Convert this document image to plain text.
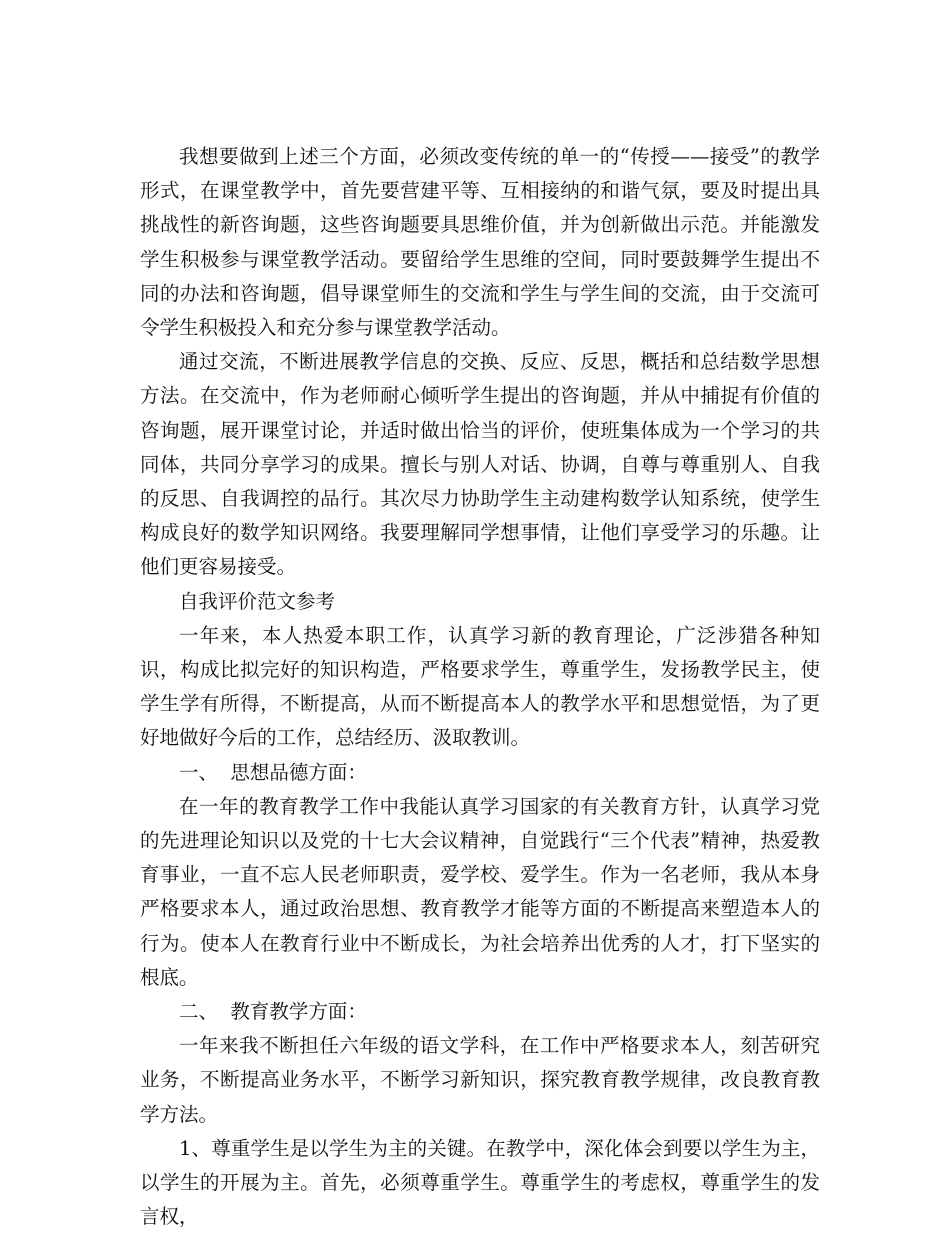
我想要做到上述三个方面，必须改变传统的单一的“传授——接受”的教学形式，在课堂教学中，首先要营建平等、互相接纳的和谐气氛，要及时提出具挑战性的新咨询题，这些咨询题要具思维价值，并为创新做出示范。并能激发学生积极参与课堂教学活动。要留给学生思维的空间，同时要鼓舞学生提出不同的办法和咨询题，倡导课堂师生的交流和学生与学生间的交流，由于交流可令学生积极投入和充分参与课堂教学活动。

通过交流，不断进展教学信息的交换、反应、反思，概括和总结数学思想方法。在交流中，作为老师耐心倾听学生提出的咨询题，并从中捕捉有价值的咨询题，展开课堂讨论，并适时做出恰当的评价，使班集体成为一个学习的共同体，共同分享学习的成果。擅长与别人对话、协调，自尊与尊重别人、自我的反思、自我调控的品行。其次尽力协助学生主动建构数学认知系统，使学生构成良好的数学知识网络。我要理解同学想事情，让他们享受学习的乐趣。让他们更容易接受。

自我评价范文参考

一年来，本人热爱本职工作，认真学习新的教育理论，广泛涉猎各种知识，构成比拟完好的知识构造，严格要求学生，尊重学生，发扬教学民主，使学生学有所得，不断提高，从而不断提高本人的教学水平和思想觉悟，为了更好地做好今后的工作，总结经历、汲取教训。

一、  思想品德方面：

在一年的教育教学工作中我能认真学习国家的有关教育方针，认真学习党的先进理论知识以及党的十七大会议精神，自觉践行“三个代表”精神，热爱教育事业，一直不忘人民老师职责，爱学校、爱学生。作为一名老师，我从本身严格要求本人，通过政治思想、教育教学才能等方面的不断提高来塑造本人的行为。使本人在教育行业中不断成长，为社会培养出优秀的人才，打下坚实的根底。

二、  教育教学方面：

一年来我不断担任六年级的语文学科，在工作中严格要求本人，刻苦研究业务，不断提高业务水平，不断学习新知识，探究教育教学规律，改良教育教学方法。

1、尊重学生是以学生为主的关键。在教学中，深化体会到要以学生为主，以学生的开展为主。首先，必须尊重学生。尊重学生的考虑权，尊重学生的发言权，
